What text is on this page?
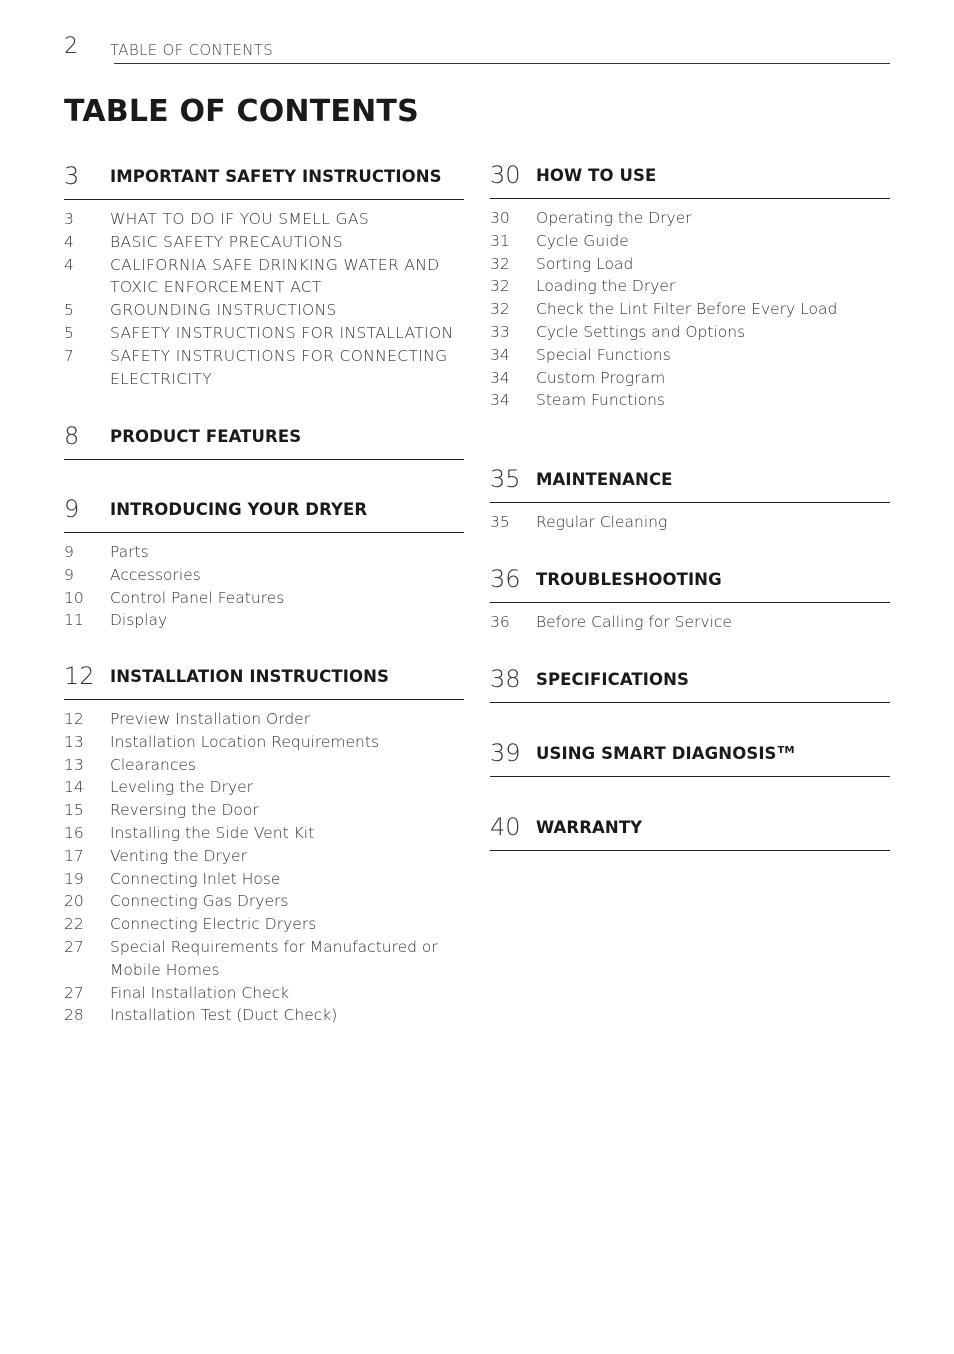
2 TABLE OF CONTENTS
TABLE OF CONTENTS
3 IMPORTANT SAFETY INSTRUCTIONS
3 WHAT TO DO IF YOU SMELL GAS
4 BASIC SAFETY PRECAUTIONS
4 CALIFORNIA SAFE DRINKING WATER AND
TOXIC ENFORCEMENT ACT
5 GROUNDING INSTRUCTIONS
5 SAFETY INSTRUCTIONS FOR INSTALLATION
7 SAFETY INSTRUCTIONS FOR CONNECTING
ELECTRICITY
8 PRODUCT FEATURES
9 INTRODUCING YOUR DRYER
9 Parts
9 Accessories
10 Control Panel Features
11 Display
12 INSTALLATION INSTRUCTIONS
12 Preview Installation Order
13 Installation Location Requirements
13 Clearances
14 Leveling the Dryer
15 Reversing the Door
16 Installing the Side Vent Kit
17 Venting the Dryer
19 Connecting Inlet Hose
20 Connecting Gas Dryers
22 Connecting Electric Dryers
27 Special Requirements for Manufactured or
Mobile Homes
27 Final Installation Check
28 Installation Test (Duct Check)
30 HOW TO USE
30 Operating the Dryer
31 Cycle Guide
32 Sorting Load
32 Loading the Dryer
32 Check the Lint Filter Before Every Load
33 Cycle Settings and Options
34 Special Functions
34 Custom Program
34 Steam Functions
35 MAINTENANCE
35 Regular Cleaning
36 TROUBLESHOOTING
36 Before Calling for Service
38 SPECIFICATIONS
39 USING SMART DIAGNOSIS™
40 WARRANTY
